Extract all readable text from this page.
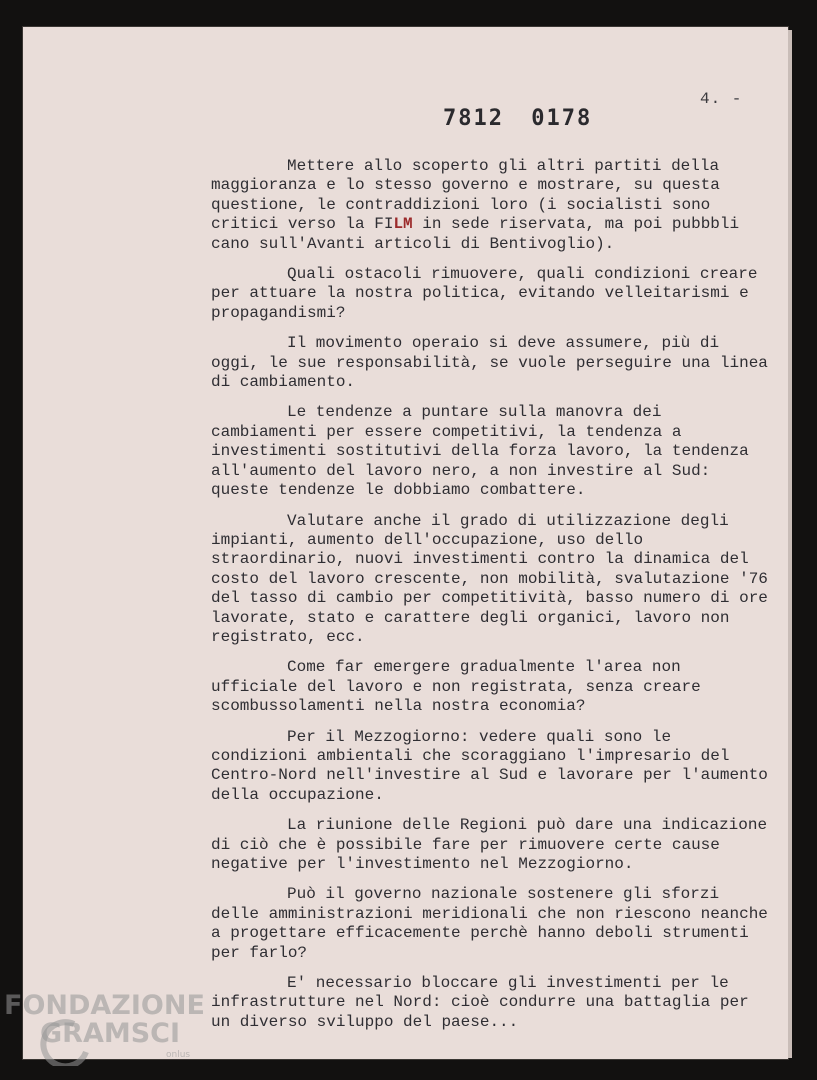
4. -
7812 0178

Mettere allo scoperto gli altri partiti della maggioranza e lo stesso governo e mostrare, su questa questione, le contraddizioni loro (i socialisti sono critici verso la FILM in sede riservata, ma poi pubbbli cano sull'Avanti articoli di Bentivoglio).

Quali ostacoli rimuovere, quali condizioni creare per attuare la nostra politica, evitando velleitarismi e propagandismi?

Il movimento operaio si deve assumere, più di oggi, le sue responsabilità, se vuole perseguire una linea di cambiamento.

Le tendenze a puntare sulla manovra dei cambiamenti per essere competitivi, la tendenza a investimenti sostitutivi della forza lavoro, la tendenza all'aumento del lavoro nero, a non investire al Sud: queste tendenze le dobbiamo combattere.

Valutare anche il grado di utilizzazione degli impianti, aumento dell'occupazione, uso dello straordinario, nuovi investimenti contro la dinamica del costo del lavoro crescente, non mobilità, svalutazione '76 del tasso di cambio per competitività, basso numero di ore lavorate, stato e carattere degli organici, lavoro non registrato, ecc.

Come far emergere gradualmente l'area non ufficiale del lavoro e non registrata, senza creare scombussolamenti nella nostra economia?

Per il Mezzogiorno: vedere quali sono le condizioni ambientali che scoraggiano l'impresario del Centro-Nord nell'investire al Sud e lavorare per l'aumento della occupazione.

La riunione delle Regioni può dare una indicazione di ciò che è possibile fare per rimuovere certe cause negative per l'investimento nel Mezzogiorno.

Può il governo nazionale sostenere gli sforzi delle amministrazioni meridionali che non riescono neanche a progettare efficacemente perchè hanno deboli strumenti per farlo?

E' necessario bloccare gli investimenti per le infrastrutture nel Nord: cioè condurre una battaglia per un diverso sviluppo del paese...

FONDAZIONE
GRAMSCI
onlus
